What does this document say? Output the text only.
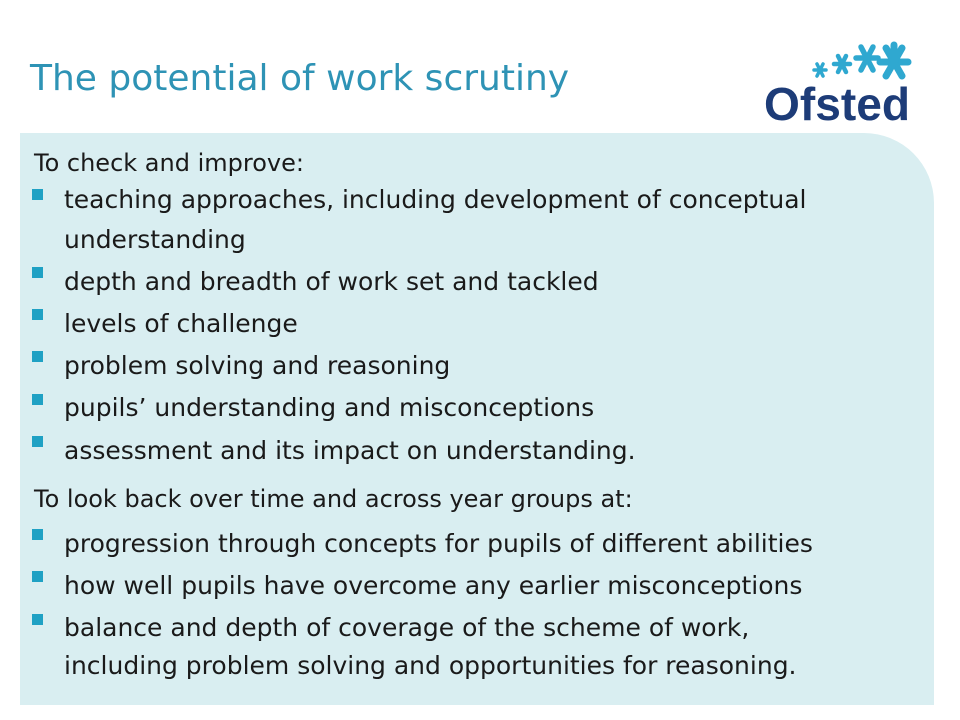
The potential of work scrutiny	Ofsted
To check and improve:
teaching approaches, including development of conceptual
understanding
depth and breadth of work set and tackled
levels of challenge
problem solving and reasoning
pupils’ understanding and misconceptions
assessment and its impact on understanding.
To look back over time and across year groups at:
progression through concepts for pupils of different abilities
how well pupils have overcome any earlier misconceptions
balance and depth of coverage of the scheme of work,
including problem solving and opportunities for reasoning.
